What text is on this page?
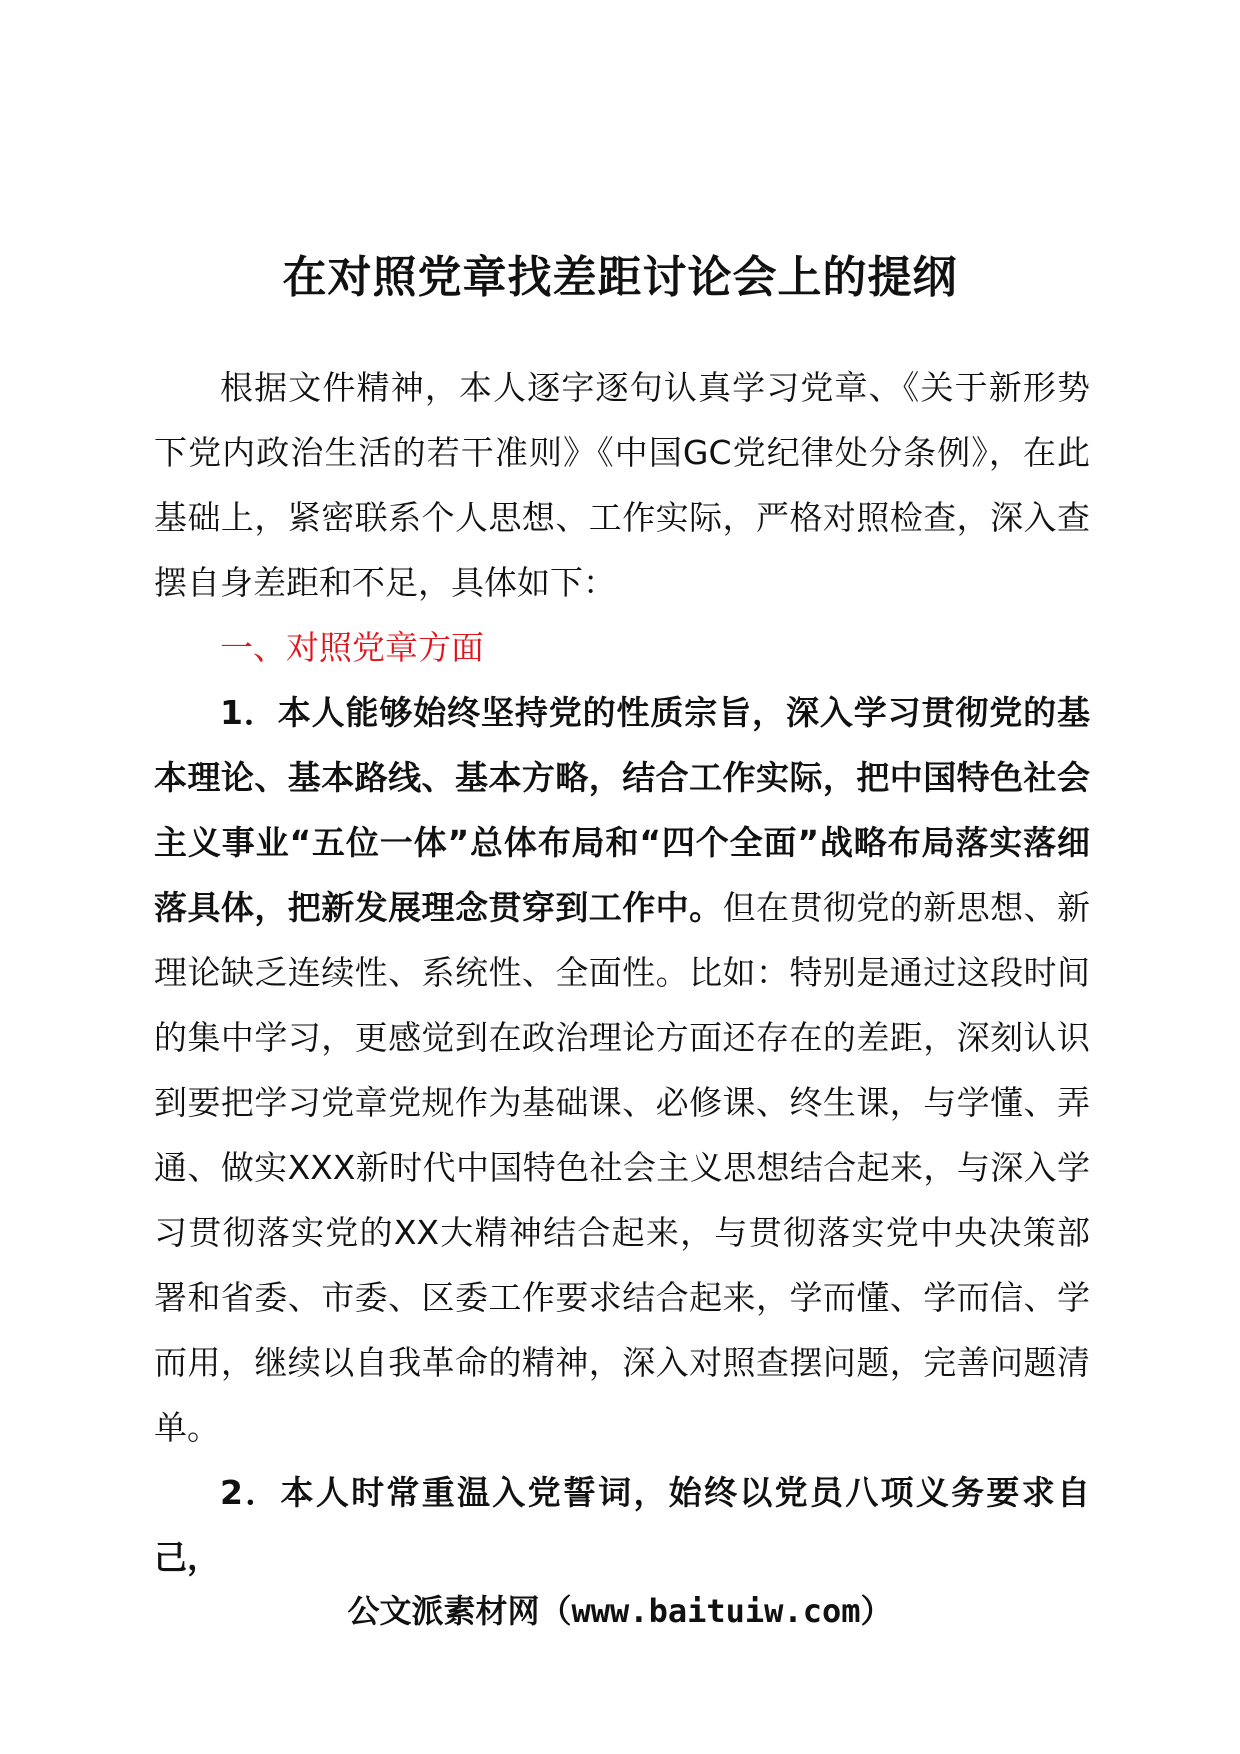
在对照党章找差距讨论会上的提纲

根据文件精神，本人逐字逐句认真学习党章、《关于新形势下党内政治生活的若干准则》《中国GC党纪律处分条例》，在此基础上，紧密联系个人思想、工作实际，严格对照检查，深入查摆自身差距和不足，具体如下：

一、对照党章方面

1．本人能够始终坚持党的性质宗旨，深入学习贯彻党的基本理论、基本路线、基本方略，结合工作实际，把中国特色社会主义事业“五位一体”总体布局和“四个全面”战略布局落实落细落具体，把新发展理念贯穿到工作中。但在贯彻党的新思想、新理论缺乏连续性、系统性、全面性。比如：特别是通过这段时间的集中学习，更感觉到在政治理论方面还存在的差距，深刻认识到要把学习党章党规作为基础课、必修课、终生课，与学懂、弄通、做实XXX新时代中国特色社会主义思想结合起来，与深入学习贯彻落实党的XX大精神结合起来，与贯彻落实党中央决策部署和省委、市委、区委工作要求结合起来，学而懂、学而信、学而用，继续以自我革命的精神，深入对照查摆问题，完善问题清单。

2．本人时常重温入党誓词，始终以党员八项义务要求自己，

公文派素材网（www.baituiw.com）
